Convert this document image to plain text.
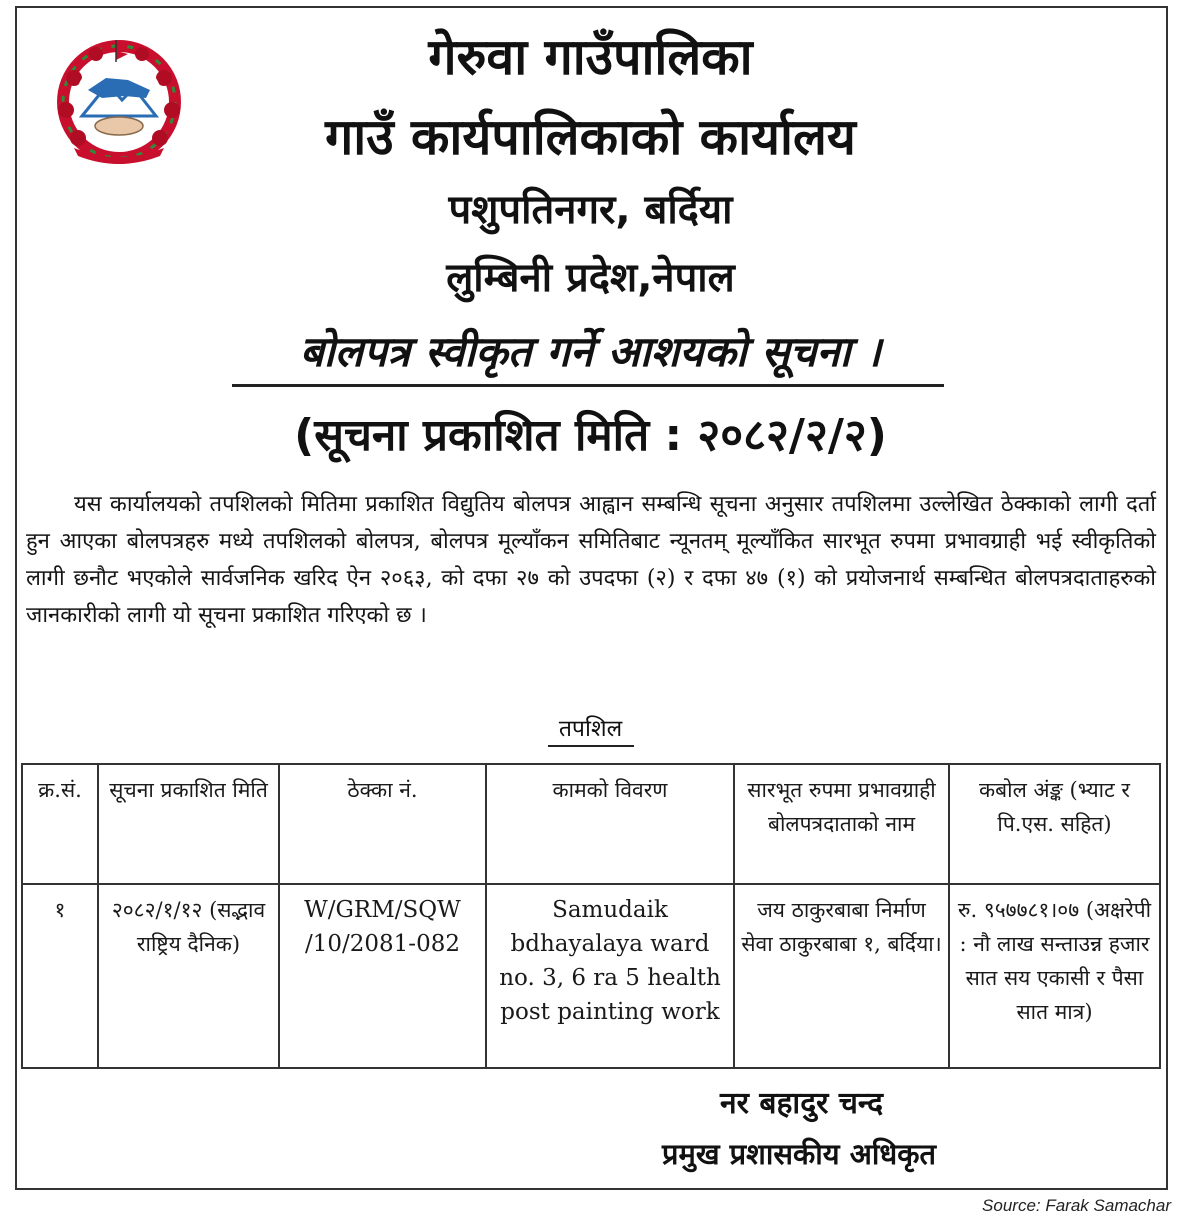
गेरुवा गाउँपालिका
गाउँ कार्यपालिकाको कार्यालय
पशुपतिनगर, बर्दिया
लुम्बिनी प्रदेश,नेपाल
बोलपत्र स्वीकृत गर्ने आशयको सूचना ।
(सूचना प्रकाशित मिति : २०८२/२/२)
यस कार्यालयको तपशिलको मितिमा प्रकाशित विद्युतिय बोलपत्र आह्वान सम्बन्धि सूचना अनुसार तपशिलमा उल्लेखित ठेक्काको लागी दर्ता हुन आएका बोलपत्रहरु मध्ये तपशिलको बोलपत्र, बोलपत्र मूल्याँकन समितिबाट न्यूनतम् मूल्याँकित सारभूत रुपमा प्रभावग्राही भई स्वीकृतिको लागी छनौट भएकोले सार्वजनिक खरिद ऐन २०६३, को दफा २७ को उपदफा (२) र दफा ४७ (१) को प्रयोजनार्थ सम्बन्धित बोलपत्रदाताहरुको जानकारीको लागी यो सूचना प्रकाशित गरिएको छ ।
तपशिल
क्र.सं.	सूचना प्रकाशित मिति	ठेक्का नं.	कामको विवरण	सारभूत रुपमा प्रभावग्राही बोलपत्रदाताको नाम	कबोल अंङ्क (भ्याट र पि.एस. सहित)
१	२०८२/१/१२ (सद्भाव राष्ट्रिय दैनिक)	W/GRM/SQW /10/2081-082	Samudaik bdhayalaya ward no. 3, 6 ra 5 health post painting work	जय ठाकुरबाबा निर्माण सेवा ठाकुरबाबा १, बर्दिया।	रु. ९५७७८१।०७ (अक्षरेपी : नौ लाख सन्ताउन्न हजार सात सय एकासी र पैसा सात मात्र)
नर बहादुर चन्द
प्रमुख प्रशासकीय अधिकृत
Source: Farak Samachar
